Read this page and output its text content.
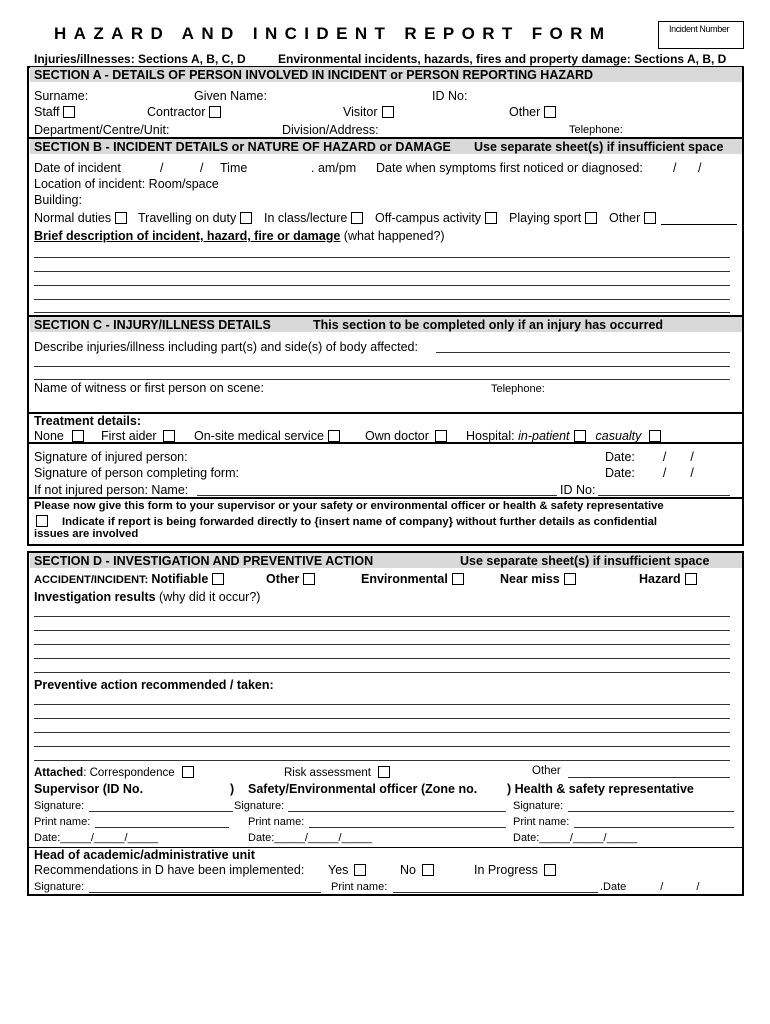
HAZARD AND INCIDENT REPORT FORM	Incident Number
Injuries/illnesses: Sections A, B, C, D	Environmental incidents, hazards, fires and property damage: Sections A, B, D
SECTION A - DETAILS OF PERSON INVOLVED IN INCIDENT or PERSON REPORTING HAZARD
Surname:	Given Name:	ID No:
Staff	Contractor	Visitor	Other
Department/Centre/Unit:	Division/Address:	Telephone:
SECTION B - INCIDENT DETAILS or NATURE OF HAZARD or DAMAGE Use separate sheet(s) if insufficient space
Date of incident	/	/ Time	. am/pm Date when symptoms first noticed or diagnosed: / /
Location of incident: Room/space
Building:
Normal duties	Travelling on duty	In class/lecture	Off-campus activity	Playing sport	Other
Brief description of incident, hazard, fire or damage (what happened?)
SECTION C - INJURY/ILLNESS DETAILS	This section to be completed only if an injury has occurred
Describe injuries/illness including part(s) and side(s) of body affected:
Name of witness or first person on scene:	Telephone:
Treatment details:
None	First aider	On-site medical service	Own doctor	Hospital: in-patient casualty
Signature of injured person:	Date: / /
Signature of person completing form:	Date: / /
If not injured person: Name:	ID No:
Please now give this form to your supervisor or your safety or environmental officer or health & safety representative
Indicate if report is being forwarded directly to {insert name of company} without further details as confidential
issues are involved
SECTION D - INVESTIGATION AND PREVENTIVE ACTION	Use separate sheet(s) if insufficient space
ACCIDENT/INCIDENT: Notifiable	Other	Environmental	Near miss	Hazard
Investigation results (why did it occur?)
Preventive action recommended / taken:
Attached: Correspondence	Risk assessment	Other
Supervisor (ID No.	) Safety/Environmental officer (Zone no. ) Health & safety representative
Signature:	Signature:	Signature:
Print name:	Print name:	Print name:
Date:_____/_____/_____	Date:_____/_____/_____	Date:_____/_____/_____
Head of academic/administrative unit
Recommendations in D have been implemented: Yes	No	In Progress
Signature:	Print name:	.Date	/	/
